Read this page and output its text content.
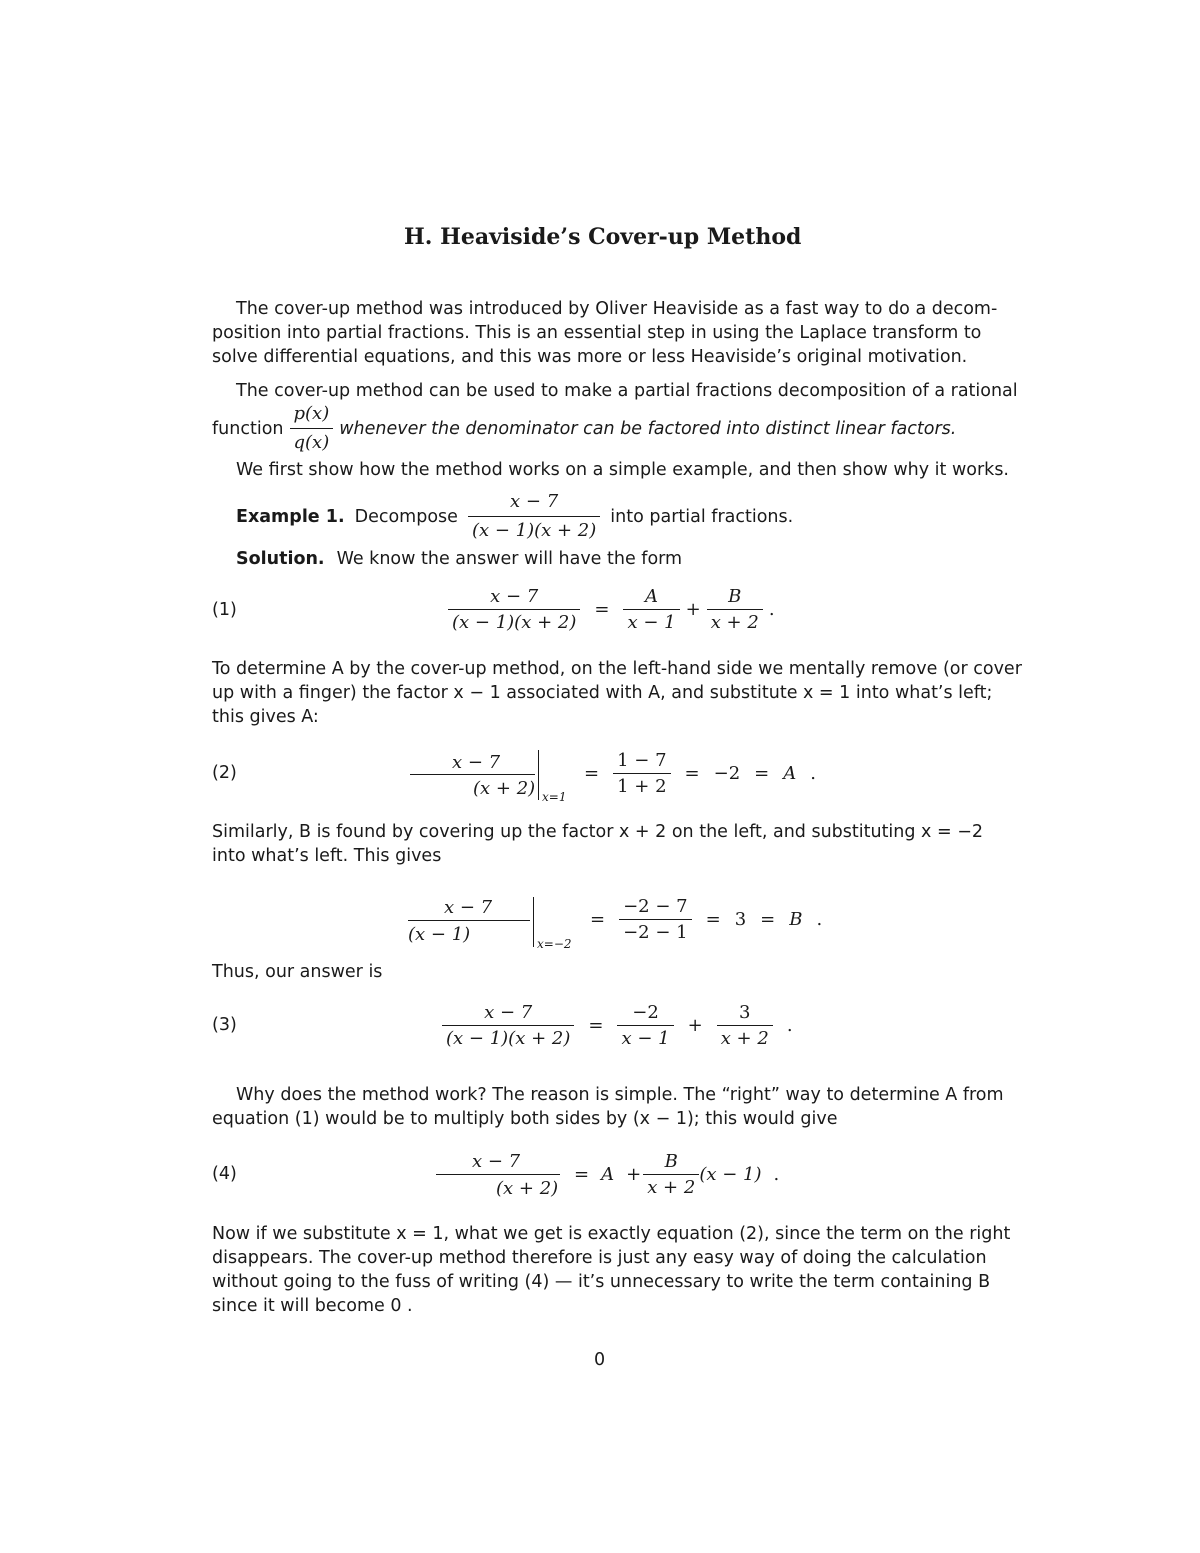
H. Heaviside’s Cover-up Method
The cover-up method was introduced by Oliver Heaviside as a fast way to do a decom-
position into partial fractions. This is an essential step in using the Laplace transform to
solve differential equations, and this was more or less Heaviside’s original motivation.
The cover-up method can be used to make a partial fractions decomposition of a rational
function $\frac{p(x)}{q(x)}$ whenever the denominator can be factored into distinct linear factors.
We first show how the method works on a simple example, and then show why it works.
Example 1. Decompose $\frac{x - 7}{(x - 1)(x + 2)}$ into partial fractions.
Solution. We know the answer will have the form
(1)	$\frac{x - 7}{(x - 1)(x + 2)} = \frac{A}{x - 1} + \frac{B}{x + 2}$ .
To determine A by the cover-up method, on the left-hand side we mentally remove (or cover
up with a finger) the factor x − 1 associated with A, and substitute x = 1 into what’s left;
this gives A:
(2)	x − 7
(x + 2) x=1
= $\frac{1 - 7}{1 + 2} = -2 = A$ .
Similarly, B is found by covering up the factor x + 2 on the left, and substituting x = −2
into what’s left. This gives
x − 7
(x − 1)	x=−2
= $\frac{-2 - 7}{-2 - 1} = 3 = B$ .
Thus, our answer is
(3)	$\frac{x - 7}{(x - 1)(x + 2)} = \frac{-2}{x - 1} + \frac{3}{x + 2}$ .
Why does the method work? The reason is simple. The “right” way to determine A from
equation (1) would be to multiply both sides by (x − 1); this would give
(4)
x − 7
(x + 2)
= $A + \frac{B}{x + 2} (x - 1)$ .
Now if we substitute x = 1, what we get is exactly equation (2), since the term on the right
disappears. The cover-up method therefore is just any easy way of doing the calculation
without going to the fuss of writing (4) — it’s unnecessary to write the term containing B
since it will become 0 .
0
